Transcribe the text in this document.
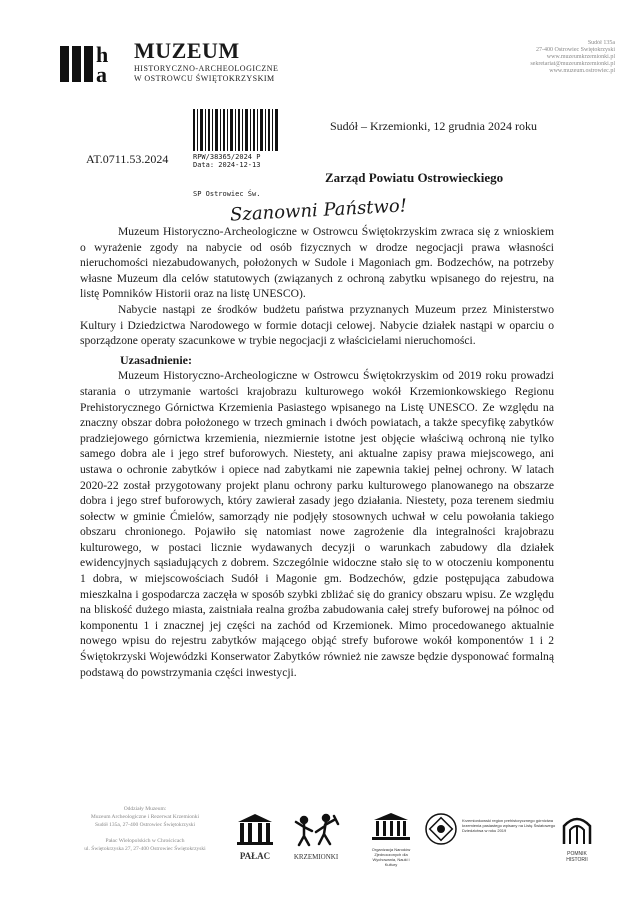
h
a
MUZEUM
HISTORYCZNO-ARCHEOLOGICZNE
W OSTROWCU ŚWIĘTOKRZYSKIM
Sudół 135a
27-400 Ostrowiec Świętokrzyski
www.muzeumkrzemionki.pl
sekretariat@muzeumkrzemionki.pl
www.muzeum.ostrowiec.pl
RPW/38365/2024 P
Data: 2024-12-13
Sudół – Krzemionki, 12 grudnia 2024 roku
AT.0711.53.2024
Zarząd Powiatu Ostrowieckiego
SP Ostrowiec Św.
Szanowni Państwo!

Muzeum Historyczno-Archeologiczne w Ostrowcu Świętokrzyskim zwraca się z wnioskiem o wyrażenie zgody na nabycie od osób fizycznych w drodze negocjacji prawa własności nieruchomości niezabudowanych, położonych w Sudole i Magoniach gm. Bodzechów, na potrzeby własne Muzeum dla celów statutowych (związanych z ochroną zabytku wpisanego do rejestru, na listę Pomników Historii oraz na listę UNESCO).

Nabycie nastąpi ze środków budżetu państwa przyznanych Muzeum przez Ministerstwo Kultury i Dziedzictwa Narodowego w formie dotacji celowej. Nabycie działek nastąpi w oparciu o sporządzone operaty szacunkowe w trybie negocjacji z właścicielami nieruchomości.

Uzasadnienie:

Muzeum Historyczno-Archeologiczne w Ostrowcu Świętokrzyskim od 2019 roku prowadzi starania o utrzymanie wartości krajobrazu kulturowego wokół Krzemionkowskiego Regionu Prehistorycznego Górnictwa Krzemienia Pasiastego wpisanego na Listę UNESCO. Ze względu na znaczny obszar dobra położonego w trzech gminach i dwóch powiatach, a także specyfikę zabytków pradziejowego górnictwa krzemienia, niezmiernie istotne jest objęcie właściwą ochroną nie tylko samego dobra ale i jego stref buforowych. Niestety, ani aktualne zapisy prawa miejscowego, ani ustawa o ochronie zabytków i opiece nad zabytkami nie zapewnia takiej pełnej ochrony. W latach 2020-22 został przygotowany projekt planu ochrony parku kulturowego planowanego na obszarze dobra i jego stref buforowych, który zawierał zasady jego działania. Niestety, poza terenem siedmiu sołectw w gminie Ćmielów, samorządy nie podjęły stosownych uchwał w celu powołania takiego obszaru chronionego. Pojawiło się natomiast nowe zagrożenie dla integralności krajobrazu kulturowego, w postaci licznie wydawanych decyzji o warunkach zabudowy dla działek ewidencyjnych sąsiadujących z dobrem. Szczególnie widoczne stało się to w otoczeniu komponentu 1 dobra, w miejscowościach Sudół i Magonie gm. Bodzechów, gdzie postępująca zabudowa mieszkalna i gospodarcza zaczęła w sposób szybki zbliżać się do granicy obszaru wpisu. Ze względu na bliskość dużego miasta, zaistniała realna groźba zabudowania całej strefy buforowej na północ od komponentu 1 i znacznej jej części na zachód od Krzemionek. Mimo procedowanego aktualnie nowego wpisu do rejestru zabytków mającego objąć strefy buforowe wokół komponentów 1 i 2 Świętokrzyski Wojewódzki Konserwator Zabytków również nie zawsze będzie dysponować formalną podstawą do powstrzymania części inwestycji.

Oddziały Muzeum:
Muzeum Archeologiczne i Rezerwat Krzemionki
Sudół 135a, 27-400 Ostrowiec Świętokrzyski

Pałac Wielopolskich w Chrościcach
ul. Świętokrzyska 27, 27-400 Ostrowiec Świętokrzyski
PAŁAC	KRZEMIONKI
Organizacja Narodów Zjednoczonych dla Wychowania, Nauki i Kultury
Krzemionkowski region prehistorycznego górnictwa krzemienia pasiastego wpisany na Listę Światowego Dziedzictwa w roku 2019
POMNIK HISTORII
